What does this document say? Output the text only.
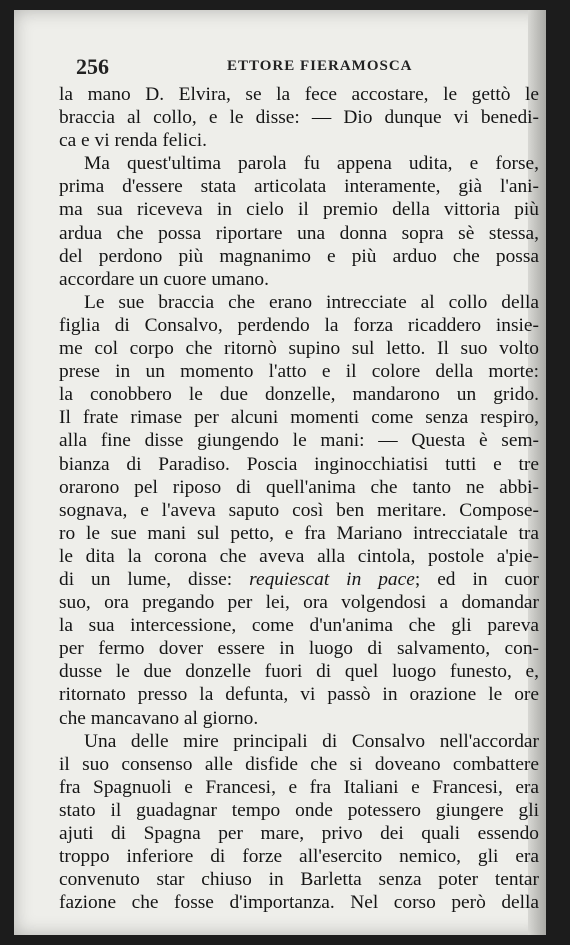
256	ETTORE FIERAMOSCA
la mano D. Elvira, se la fece accostare, le gettò le
braccia al collo, e le disse: — Dio dunque vi benedi-
ca e vi renda felici.
Ma quest'ultima parola fu appena udita, e forse,
prima d'essere stata articolata interamente, già l'ani-
ma sua riceveva in cielo il premio della vittoria più
ardua che possa riportare una donna sopra sè stessa,
del perdono più magnanimo e più arduo che possa
accordare un cuore umano.
Le sue braccia che erano intrecciate al collo della
figlia di Consalvo, perdendo la forza ricaddero insie-
me col corpo che ritornò supino sul letto. Il suo volto
prese in un momento l'atto e il colore della morte:
la conobbero le due donzelle, mandarono un grido.
Il frate rimase per alcuni momenti come senza respiro,
alla fine disse giungendo le mani: — Questa è sem-
bianza di Paradiso. Poscia inginocchiatisi tutti e tre
orarono pel riposo di quell'anima che tanto ne abbi-
sognava, e l'aveva saputo così ben meritare. Compose-
ro le sue mani sul petto, e fra Mariano intrecciatale tra
le dita la corona che aveva alla cintola, postole a'pie-
di un lume, disse: requiescat in pace; ed in cuor
suo, ora pregando per lei, ora volgendosi a domandar
la sua intercessione, come d'un'anima che gli pareva
per fermo dover essere in luogo di salvamento, con-
dusse le due donzelle fuori di quel luogo funesto, e,
ritornato presso la defunta, vi passò in orazione le ore
che mancavano al giorno.
Una delle mire principali di Consalvo nell'accordar
il suo consenso alle disfide che si doveano combattere
fra Spagnuoli e Francesi, e fra Italiani e Francesi, era
stato il guadagnar tempo onde potessero giungere gli
ajuti di Spagna per mare, privo dei quali essendo
troppo inferiore di forze all'esercito nemico, gli era
convenuto star chiuso in Barletta senza poter tentar
fazione che fosse d'importanza. Nel corso però della
